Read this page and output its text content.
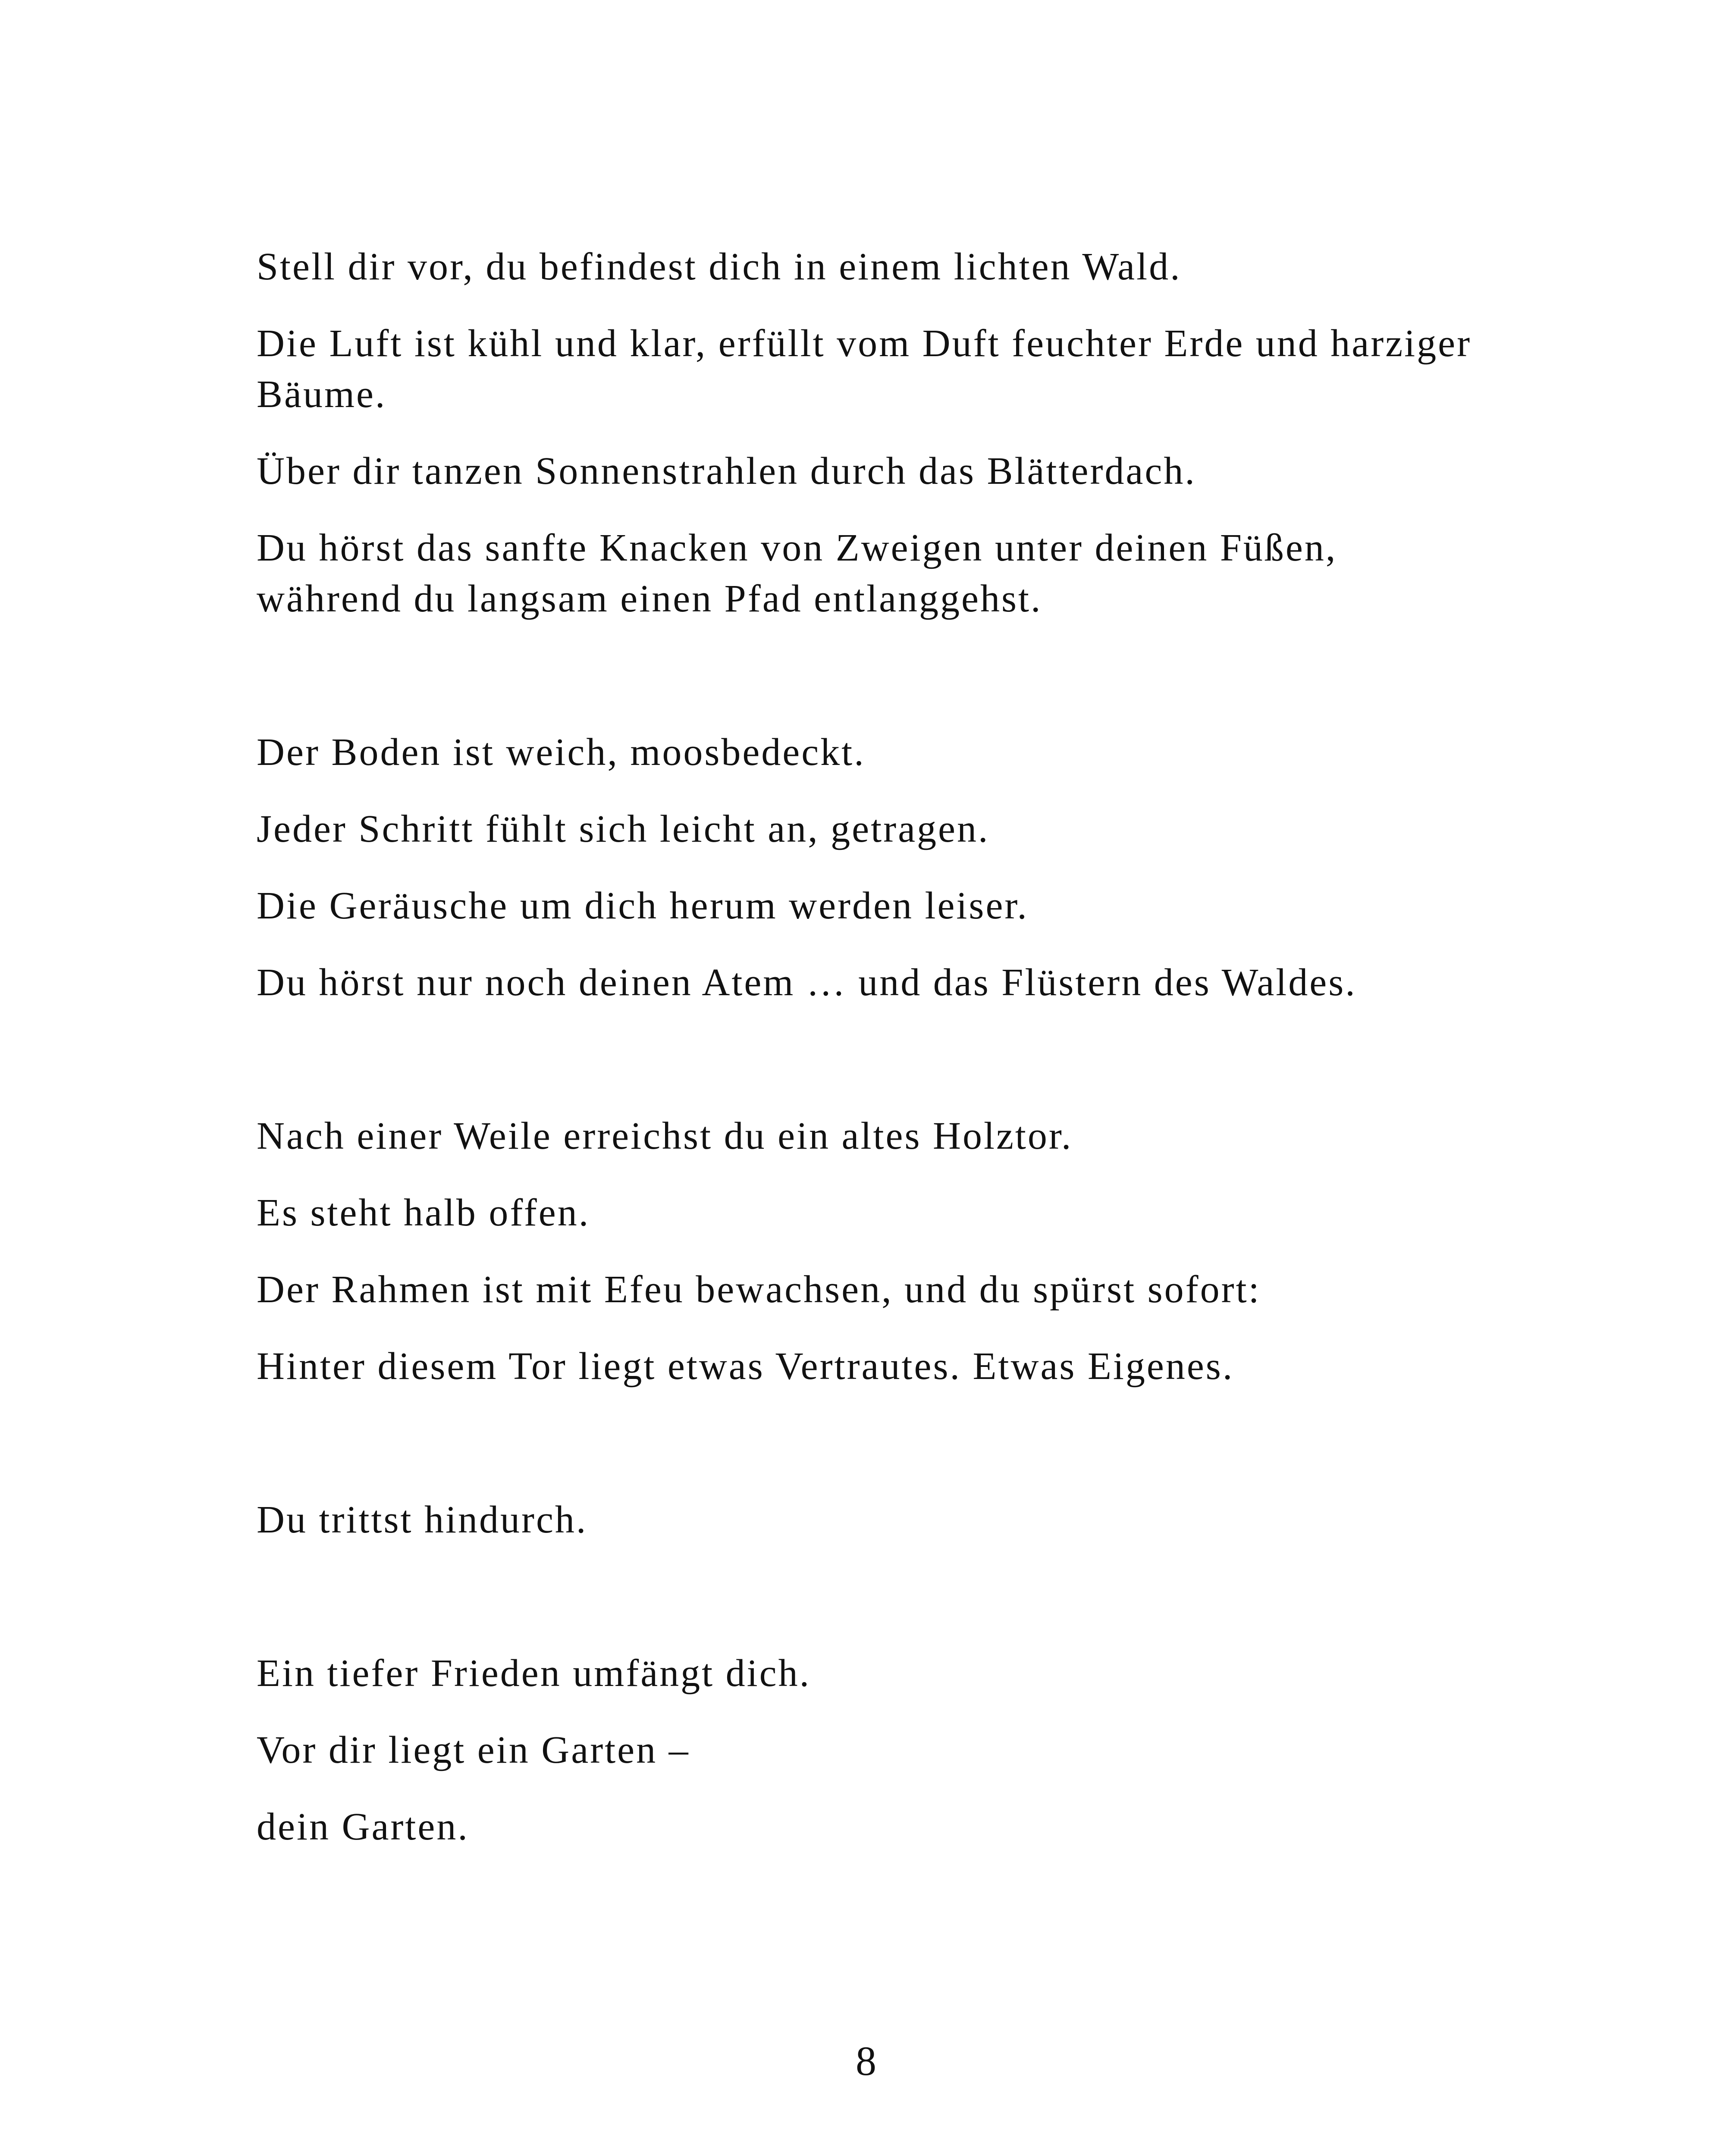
Stell dir vor, du befindest dich in einem lichten Wald.

Die Luft ist kühl und klar, erfüllt vom Duft feuchter Erde und harziger Bäume.

Über dir tanzen Sonnenstrahlen durch das Blätterdach.

Du hörst das sanfte Knacken von Zweigen unter deinen Füßen, während du langsam einen Pfad entlanggehst.

Der Boden ist weich, moosbedeckt.

Jeder Schritt fühlt sich leicht an, getragen.

Die Geräusche um dich herum werden leiser.

Du hörst nur noch deinen Atem … und das Flüstern des Waldes.

Nach einer Weile erreichst du ein altes Holztor.

Es steht halb offen.

Der Rahmen ist mit Efeu bewachsen, und du spürst sofort:

Hinter diesem Tor liegt etwas Vertrautes. Etwas Eigenes.

Du trittst hindurch.

Ein tiefer Frieden umfängt dich.

Vor dir liegt ein Garten –

dein Garten.

8
